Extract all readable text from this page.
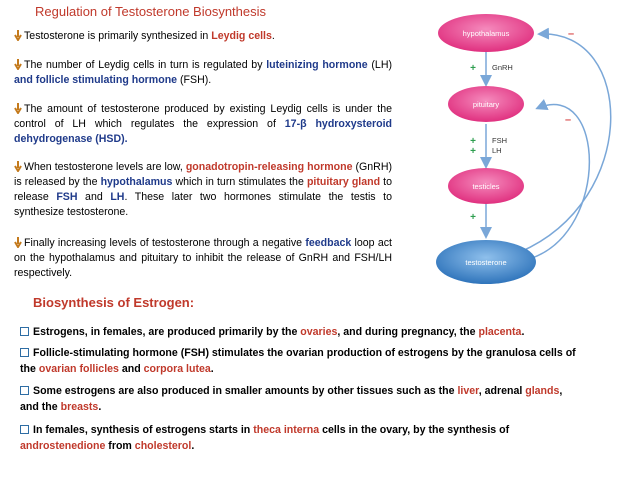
Regulation of Testosterone Biosynthesis
Testosterone is primarily synthesized in Leydig cells.
The number of Leydig cells in turn is regulated by luteinizing hormone (LH) and follicle stimulating hormone (FSH).
The amount of testosterone produced by existing Leydig cells is under the control of LH which regulates the expression of 17-β hydroxysteroid dehydrogenase (HSD).
When testosterone levels are low, gonadotropin-releasing hormone (GnRH) is released by the hypothalamus which in turn stimulates the pituitary gland to release FSH and LH. These later two hormones stimulate the testis to synthesize testosterone.
Finally increasing levels of testosterone through a negative feedback loop act on the hypothalamus and pituitary to inhibit the release of GnRH and FSH/LH respectively.
Biosynthesis of Estrogen:
Estrogens, in females, are produced primarily by the ovaries, and during pregnancy, the placenta.
Follicle-stimulating hormone (FSH) stimulates the ovarian production of estrogens by the granulosa cells of the ovarian follicles and corpora lutea.
Some estrogens are also produced in smaller amounts by other tissues such as the liver, adrenal glands, and the breasts.
In females, synthesis of estrogens starts in theca interna cells in the ovary, by the synthesis of androstenedione from cholesterol.
hypothalamus
pituitary
testicles
testosterone
+ GnRH
+
+
FSH
LH
+
–
–
